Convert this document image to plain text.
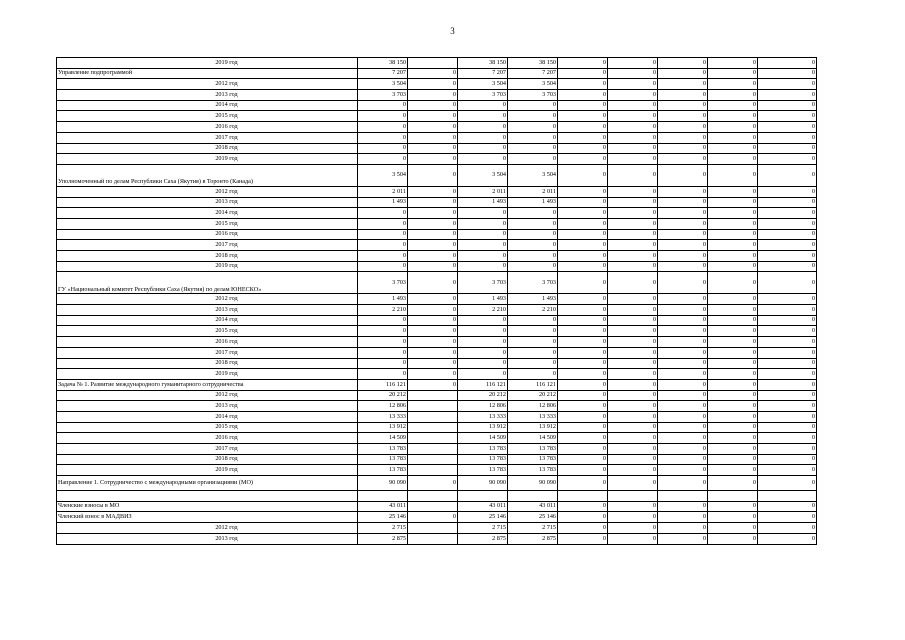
3
2019 год	38 150		38 150	38 150	0	0	0	0	0
Управление подпрограммой	7 207	0	7 207	7 207	0	0	0	0	0
2012 год	3 504	0	3 504	3 504	0	0	0	0	0
2013 год	3 703	0	3 703	3 703	0	0	0	0	0
2014 год	0	0	0	0	0	0	0	0	0
2015 год	0	0	0	0	0	0	0	0	0
2016 год	0	0	0	0	0	0	0	0	0
2017 год	0	0	0	0	0	0	0	0	0
2018 год	0	0	0	0	0	0	0	0	0
2019 год	0	0	0	0	0	0	0	0	0
Уполномоченный по делам Республики Саха (Якутия) в Торонто (Канада)	3 504	0	3 504	3 504	0	0	0	0	0
2012 год	2 011	0	2 011	2 011	0	0	0	0	0
2013 год	1 493	0	1 493	1 493	0	0	0	0	0
2014 год	0	0	0	0	0	0	0	0	0
2015 год	0	0	0	0	0	0	0	0	0
2016 год	0	0	0	0	0	0	0	0	0
2017 год	0	0	0	0	0	0	0	0	0
2018 год	0	0	0	0	0	0	0	0	0
2019 год	0	0	0	0	0	0	0	0	0
ГУ «Национальный комитет Республики Саха (Якутия) по делам ЮНЕСКО»	3 703	0	3 703	3 703	0	0	0	0	0
2012 год	1 493	0	1 493	1 493	0	0	0	0	0
2013 год	2 210	0	2 210	2 210	0	0	0	0	0
2014 год	0	0	0	0	0	0	0	0	0
2015 год	0	0	0	0	0	0	0	0	0
2016 год	0	0	0	0	0	0	0	0	0
2017 год	0	0	0	0	0	0	0	0	0
2018 год	0	0	0	0	0	0	0	0	0
2019 год	0	0	0	0	0	0	0	0	0
Задача № 1. Развитие международного гуманитарного сотрудничества	116 121	0	116 121	116 121	0	0	0	0	0
2012 год	20 212		20 212	20 212	0	0	0	0	0
2013 год	12 806		12 806	12 806	0	0	0	0	0
2014 год	13 333		13 333	13 333	0	0	0	0	0
2015 год	13 912		13 912	13 912	0	0	0	0	0
2016 год	14 509		14 509	14 509	0	0	0	0	0
2017 год	13 783		13 783	13 783	0	0	0	0	0
2018 год	13 783		13 783	13 783	0	0	0	0	0
2019 год	13 783		13 783	13 783	0	0	0	0	0
Направление 1. Сотрудничество с международными организациями (МО)	90 090	0	90 090	90 090	0	0	0	0	0

Членские взносы в МО	43 011		43 011	43 011	0	0	0	0	0
Членский взнос в МАДВИЗ	25 146	0	25 146	25 146	0	0	0	0	0
2012 год	2 715		2 715	2 715	0	0	0	0	0
2013 год	2 875		2 875	2 875	0	0	0	0	0
